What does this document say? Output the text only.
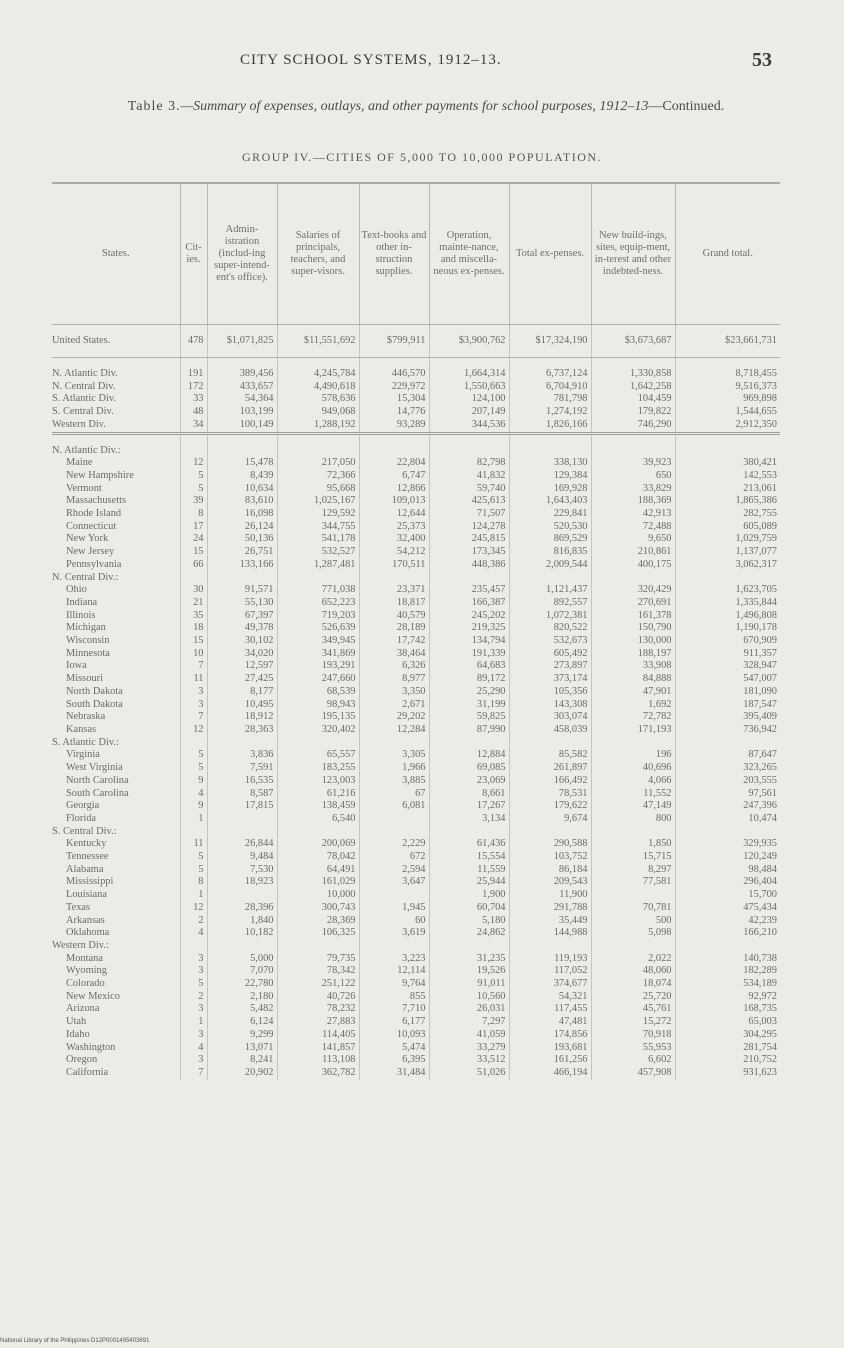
CITY SCHOOL SYSTEMS, 1912–13.	53
Table 3.—Summary of expenses, outlays, and other payments for school purposes, 1912–13—Continued.
GROUP IV.—CITIES OF 5,000 TO 10,000 POPULATION.
States.	Cit-ies.	Admin-istration (includ-ing super-intend-ent's office).	Salaries of principals, teachers, and super-visors.	Text-books and other in-struction supplies.	Operation, mainte-nance, and miscella-neous ex-penses.	Total ex-penses.	New build-ings, sites, equip-ment, in-terest and other indebted-ness.	Grand total.
United States.	478	$1,071,825	$11,551,692	$799,911	$3,900,762	$17,324,190	$3,673,687	$23,661,731

N. Atlantic Div.	191	389,456	4,245,784	446,570	1,664,314	6,737,124	1,330,858	8,718,455
N. Central Div.	172	433,657	4,490,618	229,972	1,550,663	6,704,910	1,642,258	9,516,373
S. Atlantic Div.	33	54,364	578,636	15,304	124,100	781,798	104,459	969,898
S. Central Div.	48	103,199	949,068	14,776	207,149	1,274,192	179,822	1,544,655
Western Div.	34	100,149	1,288,192	93,289	344,536	1,826,166	746,290	2,912,350

N. Atlantic Div.:								
Maine	12	15,478	217,050	22,804	82,798	338,130	39,923	380,421
New Hampshire	5	8,439	72,366	6,747	41,832	129,384	650	142,553
Vermont	5	10,634	95,668	12,866	59,740	169,928	33,829	213,061
Massachusetts	39	83,610	1,025,167	109,013	425,613	1,643,403	188,369	1,865,386
Rhode Island	8	16,098	129,592	12,644	71,507	229,841	42,913	282,755
Connecticut	17	26,124	344,755	25,373	124,278	520,530	72,488	605,089
New York	24	50,136	541,178	32,400	245,815	869,529	9,650	1,029,759
New Jersey	15	26,751	532,527	54,212	173,345	816,835	210,861	1,137,077
Pennsylvania	66	133,166	1,287,481	170,511	448,386	2,009,544	400,175	3,062,317
N. Central Div.:								
Ohio	30	91,571	771,038	23,371	235,457	1,121,437	320,429	1,623,705
Indiana	21	55,130	652,223	18,817	166,387	892,557	270,691	1,335,844
Illinois	35	67,397	719,203	40,579	245,202	1,072,381	161,378	1,496,808
Michigan	18	49,378	526,639	28,189	219,325	820,522	150,790	1,190,178
Wisconsin	15	30,102	349,945	17,742	134,794	532,673	130,000	670,909
Minnesota	10	34,020	341,869	38,464	191,339	605,492	188,197	911,357
Iowa	7	12,597	193,291	6,326	64,683	273,897	33,908	328,947
Missouri	11	27,425	247,660	8,977	89,172	373,174	84,888	547,007
North Dakota	3	8,177	68,539	3,350	25,290	105,356	47,901	181,090
South Dakota	3	10,495	98,943	2,671	31,199	143,308	1,692	187,547
Nebraska	7	18,912	195,135	29,202	59,825	303,074	72,782	395,409
Kansas	12	28,363	320,402	12,284	87,990	458,039	171,193	736,942
S. Atlantic Div.:								
Virginia	5	3,836	65,557	3,305	12,884	85,582	196	87,647
West Virginia	5	7,591	183,255	1,966	69,085	261,897	40,696	323,265
North Carolina	9	16,535	123,003	3,885	23,069	166,492	4,066	203,555
South Carolina	4	8,587	61,216	67	8,661	78,531	11,552	97,561
Georgia	9	17,815	138,459	6,081	17,267	179,622	47,149	247,396
Florida	1		6,540		3,134	9,674	800	10,474
S. Central Div.:								
Kentucky	11	26,844	200,069	2,229	61,436	290,588	1,850	329,935
Tennessee	5	9,484	78,042	672	15,554	103,752	15,715	120,249
Alabama	5	7,530	64,491	2,594	11,559	86,184	8,297	98,484
Mississippi	8	18,923	161,029	3,647	25,944	209,543	77,581	296,404
Louisiana	1		10,000		1,900	11,900		15,700
Texas	12	28,396	300,743	1,945	60,704	291,788	70,781	475,434
Arkansas	2	1,840	28,369	60	5,180	35,449	500	42,239
Oklahoma	4	10,182	106,325	3,619	24,862	144,988	5,098	166,210
Western Div.:								
Montana	3	5,000	79,735	3,223	31,235	119,193	2,022	140,738
Wyoming	3	7,070	78,342	12,114	19,526	117,052	48,060	182,289
Colorado	5	22,780	251,122	9,764	91,011	374,677	18,074	534,189
New Mexico	2	2,180	40,726	855	10,560	54,321	25,720	92,972
Arizona	3	5,482	78,232	7,710	26,031	117,455	45,761	168,735
Utah	1	6,124	27,883	6,177	7,297	47,481	15,272	65,003
Idaho	3	9,299	114,405	10,093	41,059	174,856	70,918	304,295
Washington	4	13,071	141,857	5,474	33,279	193,681	55,953	281,754
Oregon	3	8,241	113,108	6,395	33,512	161,256	6,602	210,752
California	7	20,902	362,782	31,484	51,026	466,194	457,908	931,623
National Library of the Philippines D12P0001495403691
